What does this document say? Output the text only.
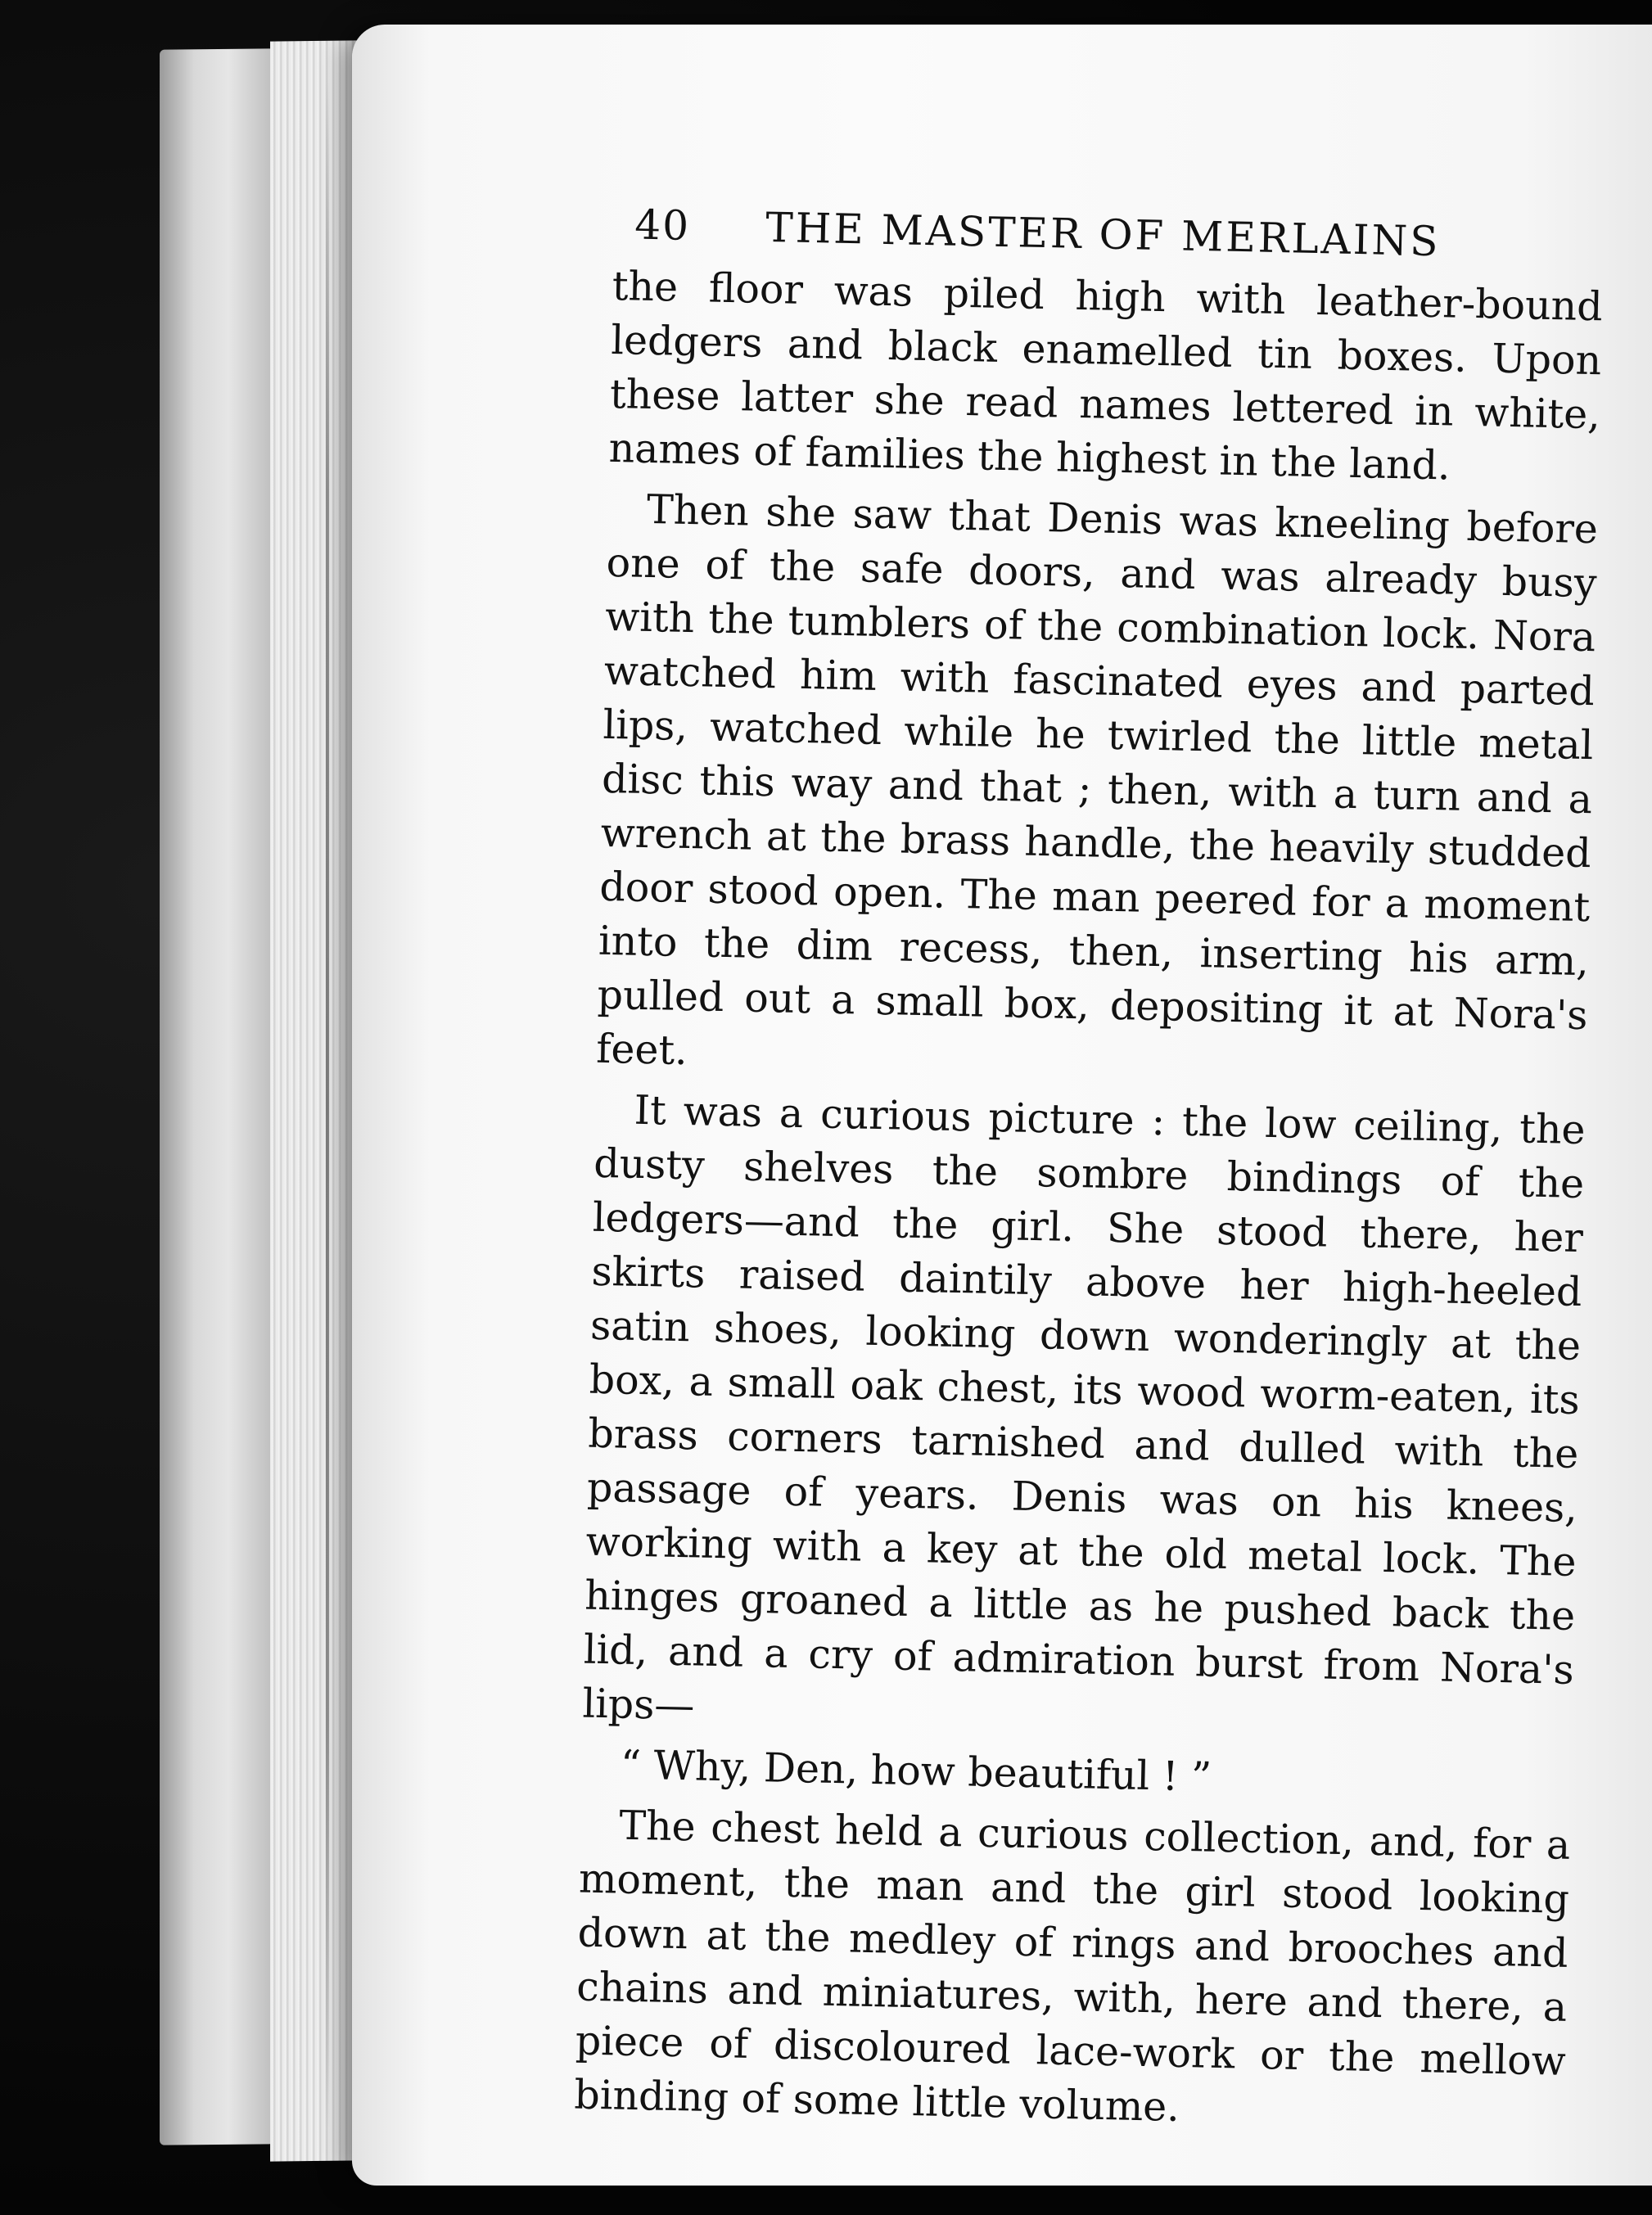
40	THE MASTER OF MERLAINS

the floor was piled high with leather-bound ledgers and black enamelled tin boxes. Upon these latter she read names lettered in white, names of families the highest in the land.

Then she saw that Denis was kneeling before one of the safe doors, and was already busy with the tumblers of the combination lock. Nora watched him with fascinated eyes and parted lips, watched while he twirled the little metal disc this way and that ; then, with a turn and a wrench at the brass handle, the heavily studded door stood open. The man peered for a moment into the dim recess, then, inserting his arm, pulled out a small box, depositing it at Nora's feet.

It was a curious picture : the low ceiling, the dusty shelves the sombre bindings of the ledgers—and the girl. She stood there, her skirts raised daintily above her high-heeled satin shoes, looking down wonderingly at the box, a small oak chest, its wood worm-eaten, its brass corners tarnished and dulled with the passage of years. Denis was on his knees, working with a key at the old metal lock. The hinges groaned a little as he pushed back the lid, and a cry of admiration burst from Nora's lips—

“ Why, Den, how beautiful ! ”

The chest held a curious collection, and, for a moment, the man and the girl stood looking down at the medley of rings and brooches and chains and miniatures, with, here and there, a piece of discoloured lace-work or the mellow binding of some little volume.
